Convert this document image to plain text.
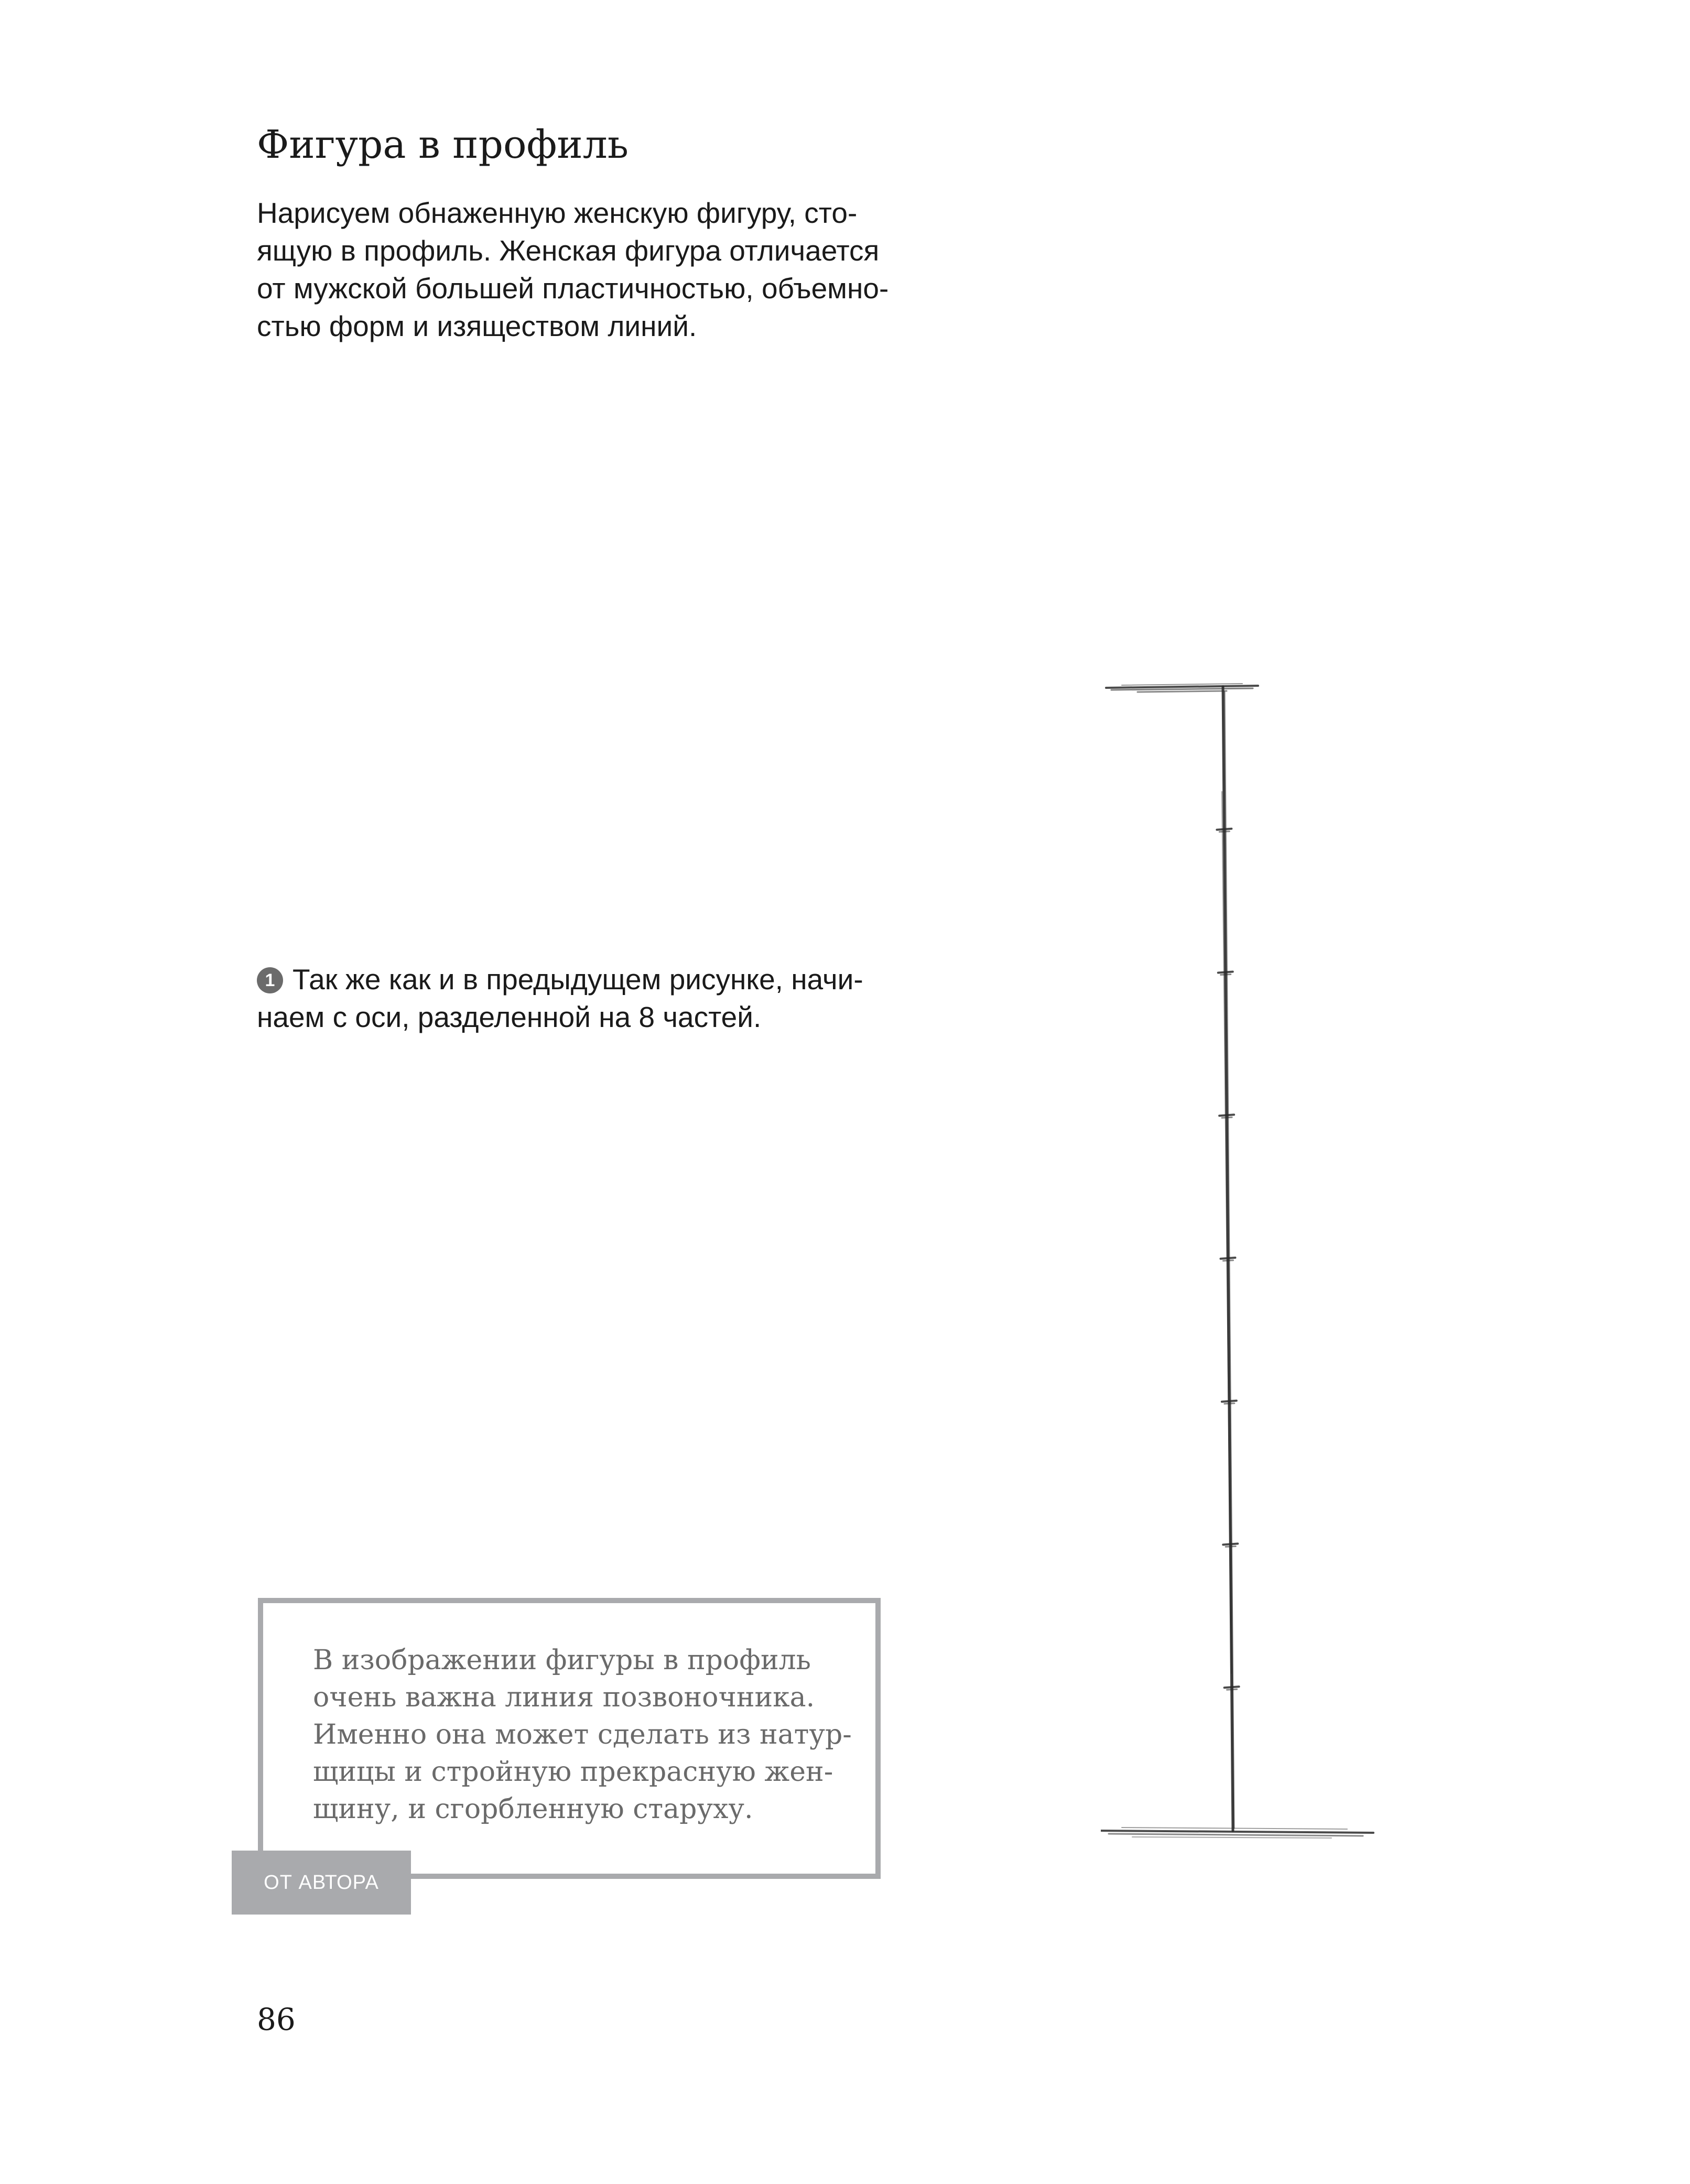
Фигура в профиль

Нарисуем обнаженную женскую фигуру, сто-
ящую в профиль. Женская фигура отличается
от мужской большей пластичностью, объемно-
стью форм и изяществом линий.

1 Так же как и в предыдущем рисунке, начи-
наем с оси, разделенной на 8 частей.

В изображении фигуры в профиль
очень важна линия позвоночника.
Именно она может сделать из натур-
щицы и стройную прекрасную жен-
щину, и сгорбленную старуху.

ОТ АВТОРА

86
